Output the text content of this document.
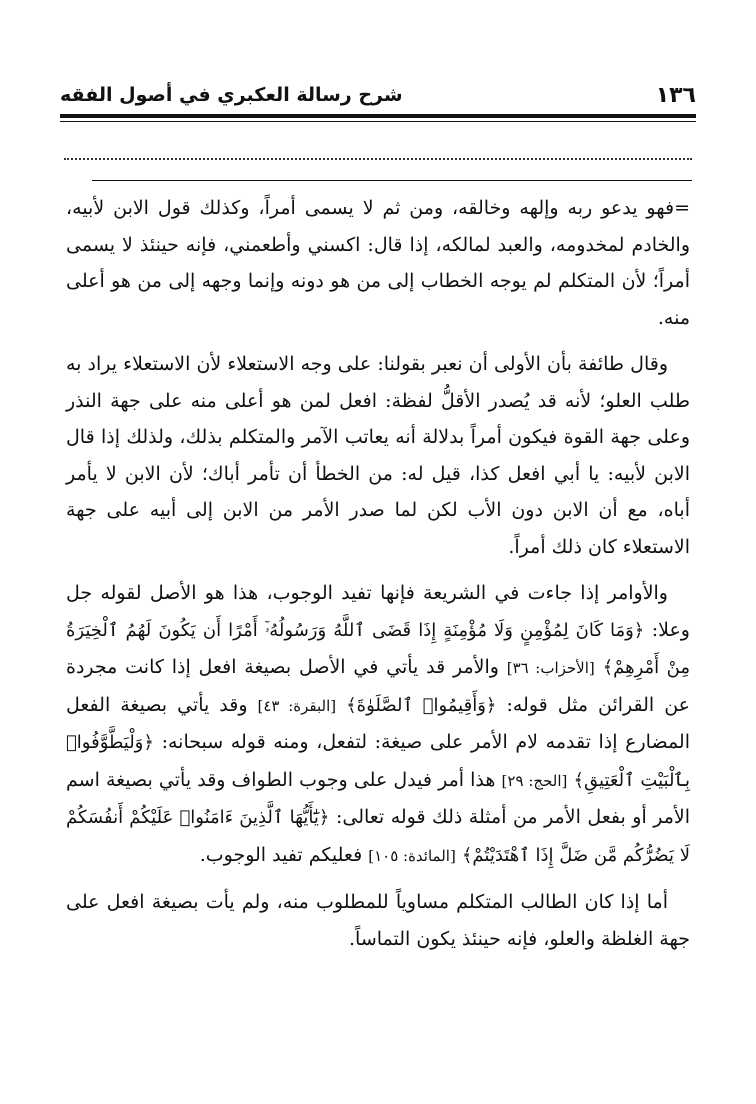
١٣٦
شرح رسالة العكبري في أصول الفقه

=فهو يدعو ربه وإلهه وخالقه، ومن ثم لا يسمى أمراً، وكذلك قول الابن لأبيه، والخادم لمخدومه، والعبد لمالكه، إذا قال: اكسني وأطعمني، فإنه حينئذ لا يسمى أمراً؛ لأن المتكلم لم يوجه الخطاب إلى من هو دونه وإنما وجهه إلى من هو أعلى منه.

وقال طائفة بأن الأولى أن نعبر بقولنا: على وجه الاستعلاء لأن الاستعلاء يراد به طلب العلو؛ لأنه قد يُصدر الأقلُّ لفظة: افعل لمن هو أعلى منه على جهة النذر وعلى جهة القوة فيكون أمراً بدلالة أنه يعاتب الآمر والمتكلم بذلك، ولذلك إذا قال الابن لأبيه: يا أبي افعل كذا، قيل له: من الخطأ أن تأمر أباك؛ لأن الابن لا يأمر أباه، مع أن الابن دون الأب لكن لما صدر الأمر من الابن إلى أبيه على جهة الاستعلاء كان ذلك أمراً.

والأوامر إذا جاءت في الشريعة فإنها تفيد الوجوب، هذا هو الأصل لقوله جل وعلا: ﴿وَمَا كَانَ لِمُؤْمِنٍ وَلَا مُؤْمِنَةٍ إِذَا قَضَى ٱللَّهُ وَرَسُولُهُۥٓ أَمْرًا أَن يَكُونَ لَهُمُ ٱلْخِيَرَةُ مِنْ أَمْرِهِمْ﴾ [الأحزاب: ٣٦] والأمر قد يأتي في الأصل بصيغة افعل إذا كانت مجردة عن القرائن مثل قوله: ﴿وَأَقِيمُوا۟ ٱلصَّلَوٰةَ﴾ [البقرة: ٤٣] وقد يأتي بصيغة الفعل المضارع إذا تقدمه لام الأمر على صيغة: لتفعل، ومنه قوله سبحانه: ﴿وَلْيَطَّوَّفُوا۟ بِٱلْبَيْتِ ٱلْعَتِيقِ﴾ [الحج: ٢٩] هذا أمر فيدل على وجوب الطواف وقد يأتي بصيغة اسم الأمر أو بفعل الأمر من أمثلة ذلك قوله تعالى: ﴿يَٰٓأَيُّهَا ٱلَّذِينَ ءَامَنُوا۟ عَلَيْكُمْ أَنفُسَكُمْ لَا يَضُرُّكُم مَّن ضَلَّ إِذَا ٱهْتَدَيْتُمْ﴾ [المائدة: ١٠٥] فعليكم تفيد الوجوب.

أما إذا كان الطالب المتكلم مساوياً للمطلوب منه، ولم يأت بصيغة افعل على جهة الغلظة والعلو، فإنه حينئذ يكون التماساً.
